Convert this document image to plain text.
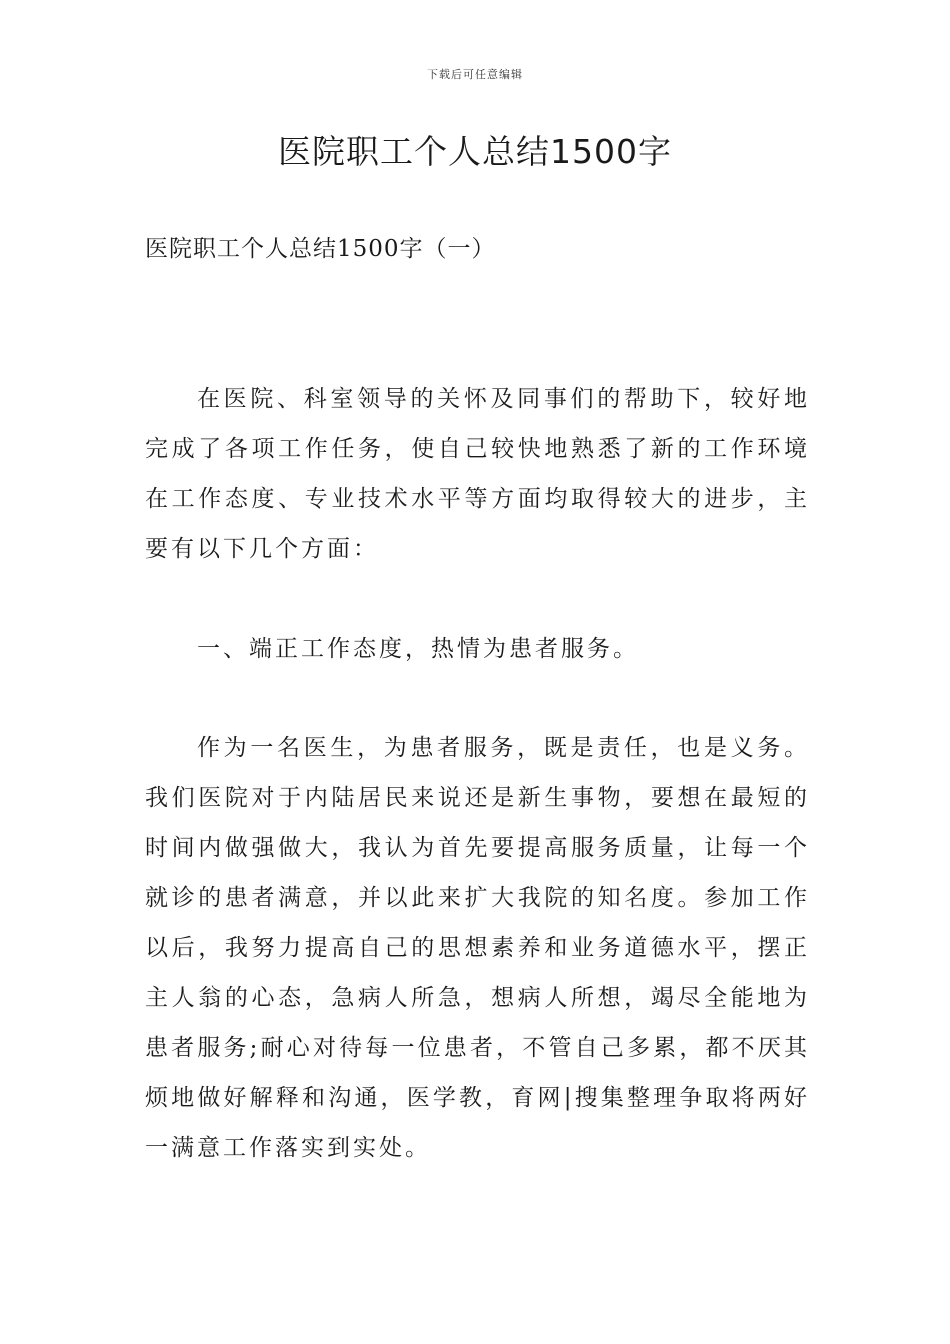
下载后可任意编辑
医院职工个人总结1500字

医院职工个人总结1500字（一）

在医院、科室领导的关怀及同事们的帮助下，较好地完成了各项工作任务，使自己较快地熟悉了新的工作环境在工作态度、专业技术水平等方面均取得较大的进步，主要有以下几个方面：

一、端正工作态度，热情为患者服务。

作为一名医生，为患者服务，既是责任，也是义务。我们医院对于内陆居民来说还是新生事物，要想在最短的时间内做强做大，我认为首先要提高服务质量，让每一个就诊的患者满意，并以此来扩大我院的知名度。参加工作以后，我努力提高自己的思想素养和业务道德水平，摆正主人翁的心态，急病人所急，想病人所想，竭尽全能地为患者服务;耐心对待每一位患者，不管自己多累，都不厌其烦地做好解释和沟通，医学教，育网|搜集整理争取将两好一满意工作落实到实处。
